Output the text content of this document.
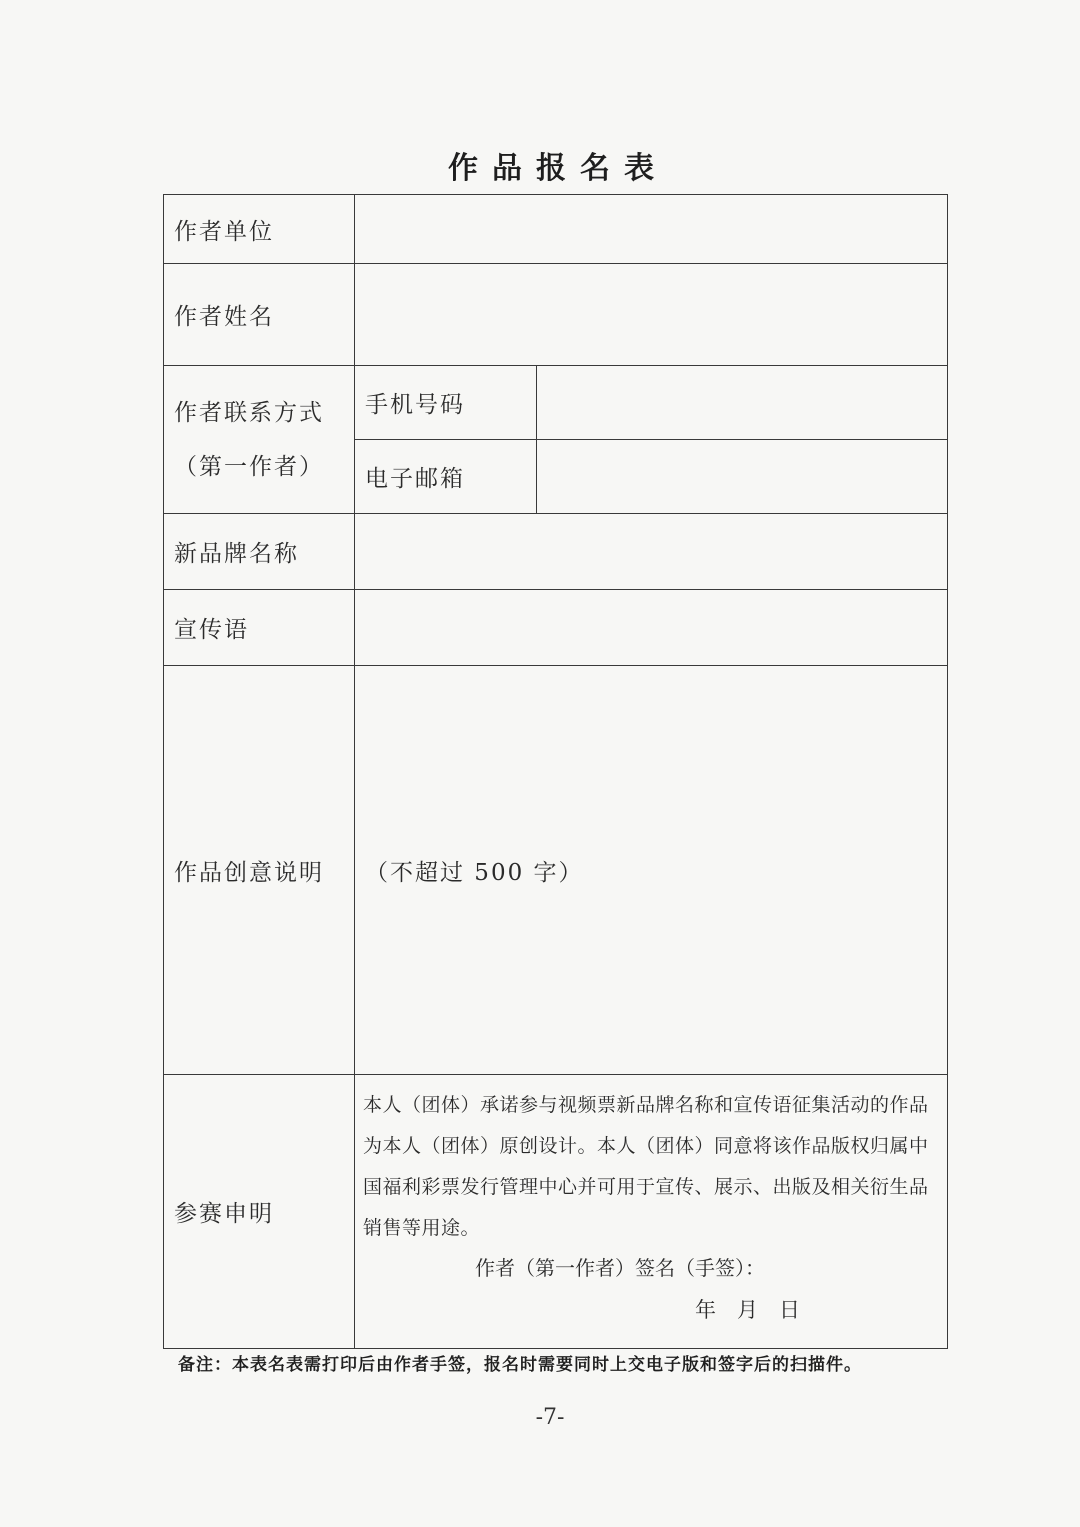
作品报名表
作者单位		
作者姓名		

作者联系方式
（第一作者）	手机号码	
	电子邮箱	
新品牌名称		
宣传语		
作品创意说明	（不超过 500 字）	
参赛申明	本人（团体）承诺参与视频票新品牌名称和宣传语征集活动的作品为本人（团体）原创设计。本人（团体）同意将该作品版权归属中国福利彩票发行管理中心并可用于宣传、展示、出版及相关衍生品销售等用途。
作者（第一作者）签名（手签）：
年　月　日	
备注：本表名表需打印后由作者手签，报名时需要同时上交电子版和签字后的扫描件。
-7-
